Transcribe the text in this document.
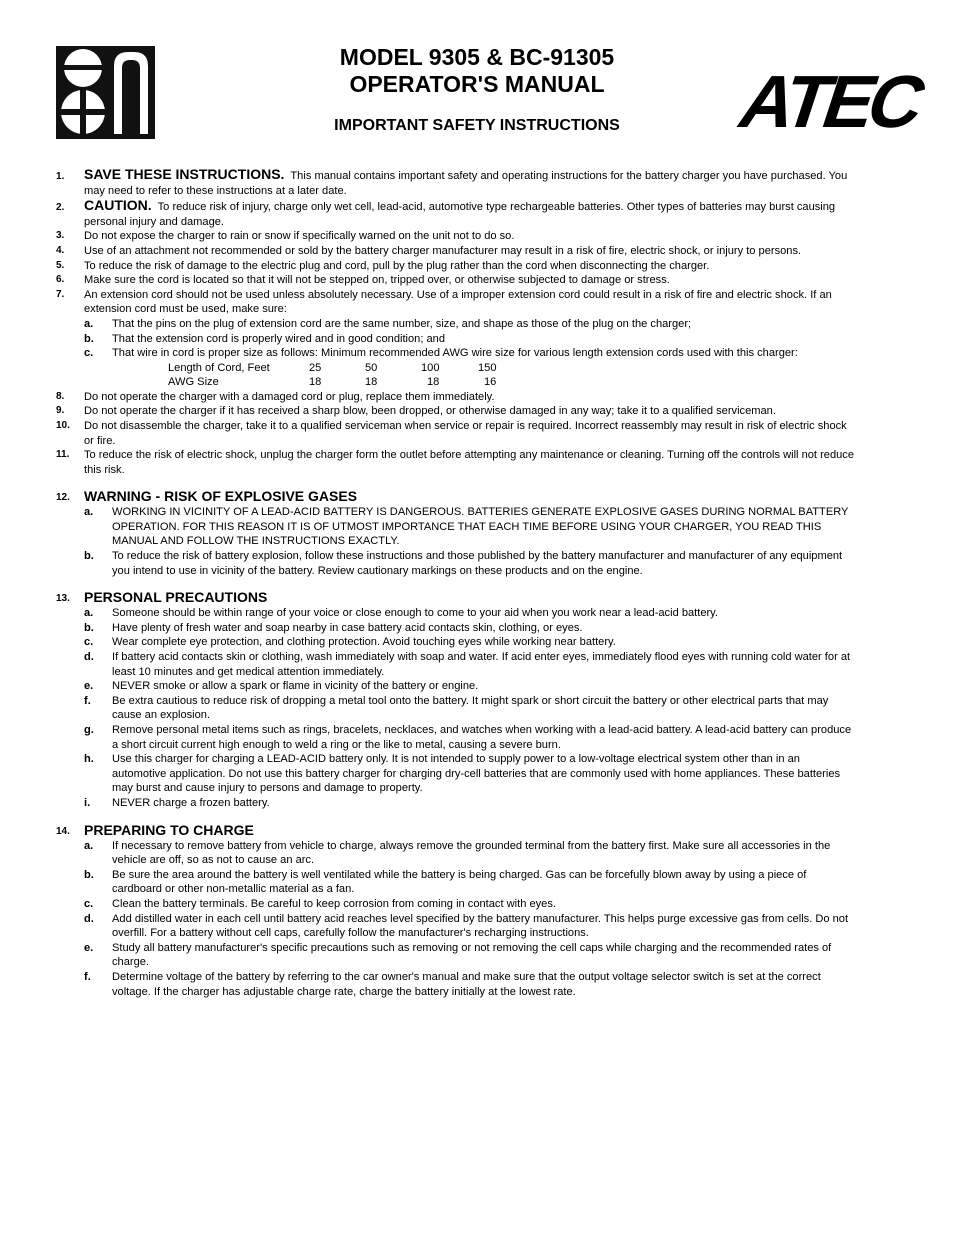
MODEL 9305 & BC-91305
OPERATOR'S MANUAL
IMPORTANT SAFETY INSTRUCTIONS	ATEC
1. SAVE THESE INSTRUCTIONS. This manual contains important safety and operating instructions for the battery charger you have purchased. You may need to refer to these instructions at a later date.
2. CAUTION. To reduce risk of injury, charge only wet cell, lead-acid, automotive type rechargeable batteries. Other types of batteries may burst causing personal injury and damage.
3. Do not expose the charger to rain or snow if specifically warned on the unit not to do so.
4. Use of an attachment not recommended or sold by the battery charger manufacturer may result in a risk of fire, electric shock, or injury to persons.
5. To reduce the risk of damage to the electric plug and cord, pull by the plug rather than the cord when disconnecting the charger.
6. Make sure the cord is located so that it will not be stepped on, tripped over, or otherwise subjected to damage or stress.
7. An extension cord should not be used unless absolutely necessary. Use of a improper extension cord could result in a risk of fire and electric shock. If an extension cord must be used, make sure:
a. That the pins on the plug of extension cord are the same number, size, and shape as those of the plug on the charger;
b. That the extension cord is properly wired and in good condition; and
c. That wire in cord is proper size as follows: Minimum recommended AWG wire size for various length extension cords used with this charger:
Length of Cord, Feet	25	50	100	150
AWG Size	18	18	18	16
8. Do not operate the charger with a damaged cord or plug, replace them immediately.
9. Do not operate the charger if it has received a sharp blow, been dropped, or otherwise damaged in any way; take it to a qualified serviceman.
10. Do not disassemble the charger, take it to a qualified serviceman when service or repair is required. Incorrect reassembly may result in risk of electric shock or fire.
11. To reduce the risk of electric shock, unplug the charger form the outlet before attempting any maintenance or cleaning. Turning off the controls will not reduce this risk.
12. WARNING - RISK OF EXPLOSIVE GASES
a. WORKING IN VICINITY OF A LEAD-ACID BATTERY IS DANGEROUS. BATTERIES GENERATE EXPLOSIVE GASES DURING NORMAL BATTERY OPERATION. FOR THIS REASON IT IS OF UTMOST IMPORTANCE THAT EACH TIME BEFORE USING YOUR CHARGER, YOU READ THIS MANUAL AND FOLLOW THE INSTRUCTIONS EXACTLY.
b. To reduce the risk of battery explosion, follow these instructions and those published by the battery manufacturer and manufacturer of any equipment you intend to use in vicinity of the battery. Review cautionary markings on these products and on the engine.
13. PERSONAL PRECAUTIONS
a. Someone should be within range of your voice or close enough to come to your aid when you work near a lead-acid battery.
b. Have plenty of fresh water and soap nearby in case battery acid contacts skin, clothing, or eyes.
c. Wear complete eye protection, and clothing protection. Avoid touching eyes while working near battery.
d. If battery acid contacts skin or clothing, wash immediately with soap and water. If acid enter eyes, immediately flood eyes with running cold water for at least 10 minutes and get medical attention immediately.
e. NEVER smoke or allow a spark or flame in vicinity of the battery or engine.
f. Be extra cautious to reduce risk of dropping a metal tool onto the battery. It might spark or short circuit the battery or other electrical parts that may cause an explosion.
g. Remove personal metal items such as rings, bracelets, necklaces, and watches when working with a lead-acid battery. A lead-acid battery can produce a short circuit current high enough to weld a ring or the like to metal, causing a severe burn.
h. Use this charger for charging a LEAD-ACID battery only. It is not intended to supply power to a low-voltage electrical system other than in an automotive application. Do not use this battery charger for charging dry-cell batteries that are commonly used with home appliances. These batteries may burst and cause injury to persons and damage to property.
i. NEVER charge a frozen battery.
14. PREPARING TO CHARGE
a. If necessary to remove battery from vehicle to charge, always remove the grounded terminal from the battery first. Make sure all accessories in the vehicle are off, so as not to cause an arc.
b. Be sure the area around the battery is well ventilated while the battery is being charged. Gas can be forcefully blown away by using a piece of cardboard or other non-metallic material as a fan.
c. Clean the battery terminals. Be careful to keep corrosion from coming in contact with eyes.
d. Add distilled water in each cell until battery acid reaches level specified by the battery manufacturer. This helps purge excessive gas from cells. Do not overfill. For a battery without cell caps, carefully follow the manufacturer's recharging instructions.
e. Study all battery manufacturer's specific precautions such as removing or not removing the cell caps while charging and the recommended rates of charge.
f. Determine voltage of the battery by referring to the car owner's manual and make sure that the output voltage selector switch is set at the correct voltage. If the charger has adjustable charge rate, charge the battery initially at the lowest rate.
